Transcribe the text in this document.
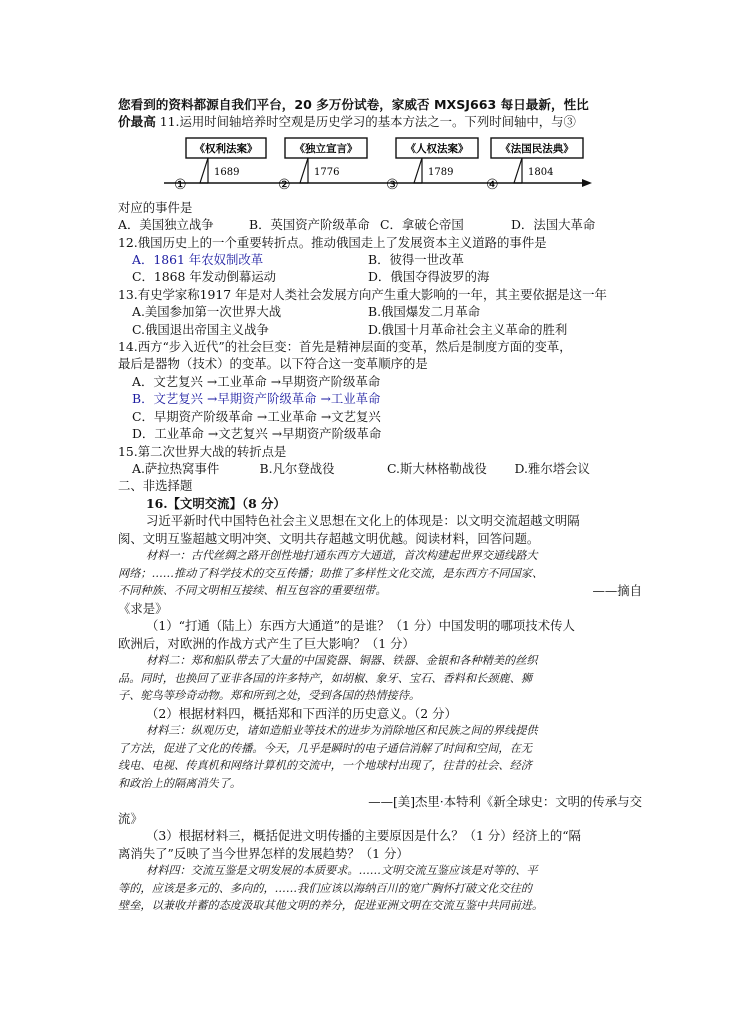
您看到的资料都源自我们平台，20 多万份试卷，家威否 MXSJ663 每日最新，性比
价最高 11.运用时间轴培养时空观是历史学习的基本方法之一。下列时间轴中，与③
《权利法案》	《独立宣言》	《人权法案》	《法国民法典》
1689	1776	1789	1804
①	②	③	④
对应的事件是
A．美国独立战争	B．英国资产阶级革命 C．拿破仑帝国	D．法国大革命
12.俄国历史上的一个重要转折点。推动俄国走上了发展资本主义道路的事件是
A．1861 年农奴制改革	B．彼得一世改革
C．1868 年发动倒幕运动	D．俄国夺得波罗的海
13.有史学家称1917 年是对人类社会发展方向产生重大影响的一年，其主要依据是这一年
A.美国参加第一次世界大战	B.俄国爆发二月革命
C.俄国退出帝国主义战争	D.俄国十月革命社会主义革命的胜利
14.西方“步入近代”的社会巨变：首先是精神层面的变革，然后是制度方面的变革，
最后是器物（技术）的变革。以下符合这一变革顺序的是
A．文艺复兴 →工业革命 →早期资产阶级革命
B．文艺复兴 →早期资产阶级革命 →工业革命
C．早期资产阶级革命 →工业革命 →文艺复兴
D．工业革命 →文艺复兴 →早期资产阶级革命
15.第二次世界大战的转折点是
A.萨拉热窝事件	B.凡尔登战役	C.斯大林格勒战役	D.雅尔塔会议
二、非选择题
16.【文明交流】（8 分）
习近平新时代中国特色社会主义思想在文化上的体现是：以文明交流超越文明隔
阂、文明互鉴超越文明冲突、文明共存超越文明优越。阅读材料，回答问题。
材料一：古代丝绸之路开创性地打通东西方大通道，首次构建起世界交通线路大
网络；……推动了科学技术的交互传播；助推了多样性文化交流，是东西方不同国家、
不同种族、不同文明相互接续、相互包容的重要纽带。	——摘自
《求是》
（1）“打通（陆上）东西方大通道”的是谁？（1 分）中国发明的哪项技术传人
欧洲后，对欧洲的作战方式产生了巨大影响？（1 分）
材料二：郑和船队带去了大量的中国瓷器、铜器、铁器、金银和各种精美的丝织
品。同时，也换回了亚非各国的许多特产，如胡椒、象牙、宝石、香料和长颈鹿、狮
子、鸵鸟等珍奇动物。郑和所到之处，受到各国的热情接待。
（2）根据材料四，概括郑和下西洋的历史意义。（2 分）
材料三：纵观历史，诸如造船业等技术的进步为消除地区和民族之间的界线提供
了方法，促进了文化的传播。今天，几乎是瞬时的电子通信消解了时间和空间，在无
线电、电视、传真机和网络计算机的交流中，一个地球村出现了，往昔的社会、经济
和政治上的隔离消失了。
——[美]杰里·本特利《新全球史：文明的传承与交
流》
（3）根据材料三，概括促进文明传播的主要原因是什么？（1 分）经济上的“隔
离消失了”反映了当今世界怎样的发展趋势？（1 分）
材料四：交流互鉴是文明发展的本质要求。……文明交流互鉴应该是对等的、平
等的，应该是多元的、多向的，……我们应该以海纳百川的宽广胸怀打破文化交往的
壁垒，以兼收并蓄的态度汲取其他文明的养分，促进亚洲文明在交流互鉴中共同前进。
